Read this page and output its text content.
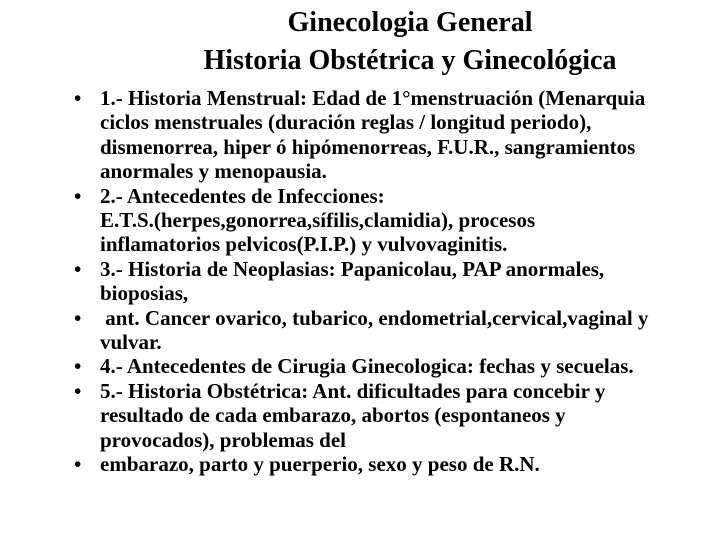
Ginecologia General
Historia Obstétrica y Ginecológica
• 1.- Historia Menstrual: Edad de 1°menstruación (Menarquia
ciclos menstruales (duración reglas / longitud periodo),
dismenorrea, hiper ó hipómenorreas, F.U.R., sangramientos
anormales y menopausia.
• 2.- Antecedentes de Infecciones:
E.T.S.(herpes,gonorrea,sífilis,clamidia), procesos
inflamatorios pelvicos(P.I.P.) y vulvovaginitis.
• 3.- Historia de Neoplasias: Papanicolau, PAP anormales,
bioposias,
• ant. Cancer ovarico, tubarico, endometrial,cervical,vaginal y
vulvar.
• 4.- Antecedentes de Cirugia Ginecologica: fechas y secuelas.
• 5.- Historia Obstétrica: Ant. dificultades para concebir y
resultado de cada embarazo, abortos (espontaneos y
provocados), problemas del
• embarazo, parto y puerperio, sexo y peso de R.N.
